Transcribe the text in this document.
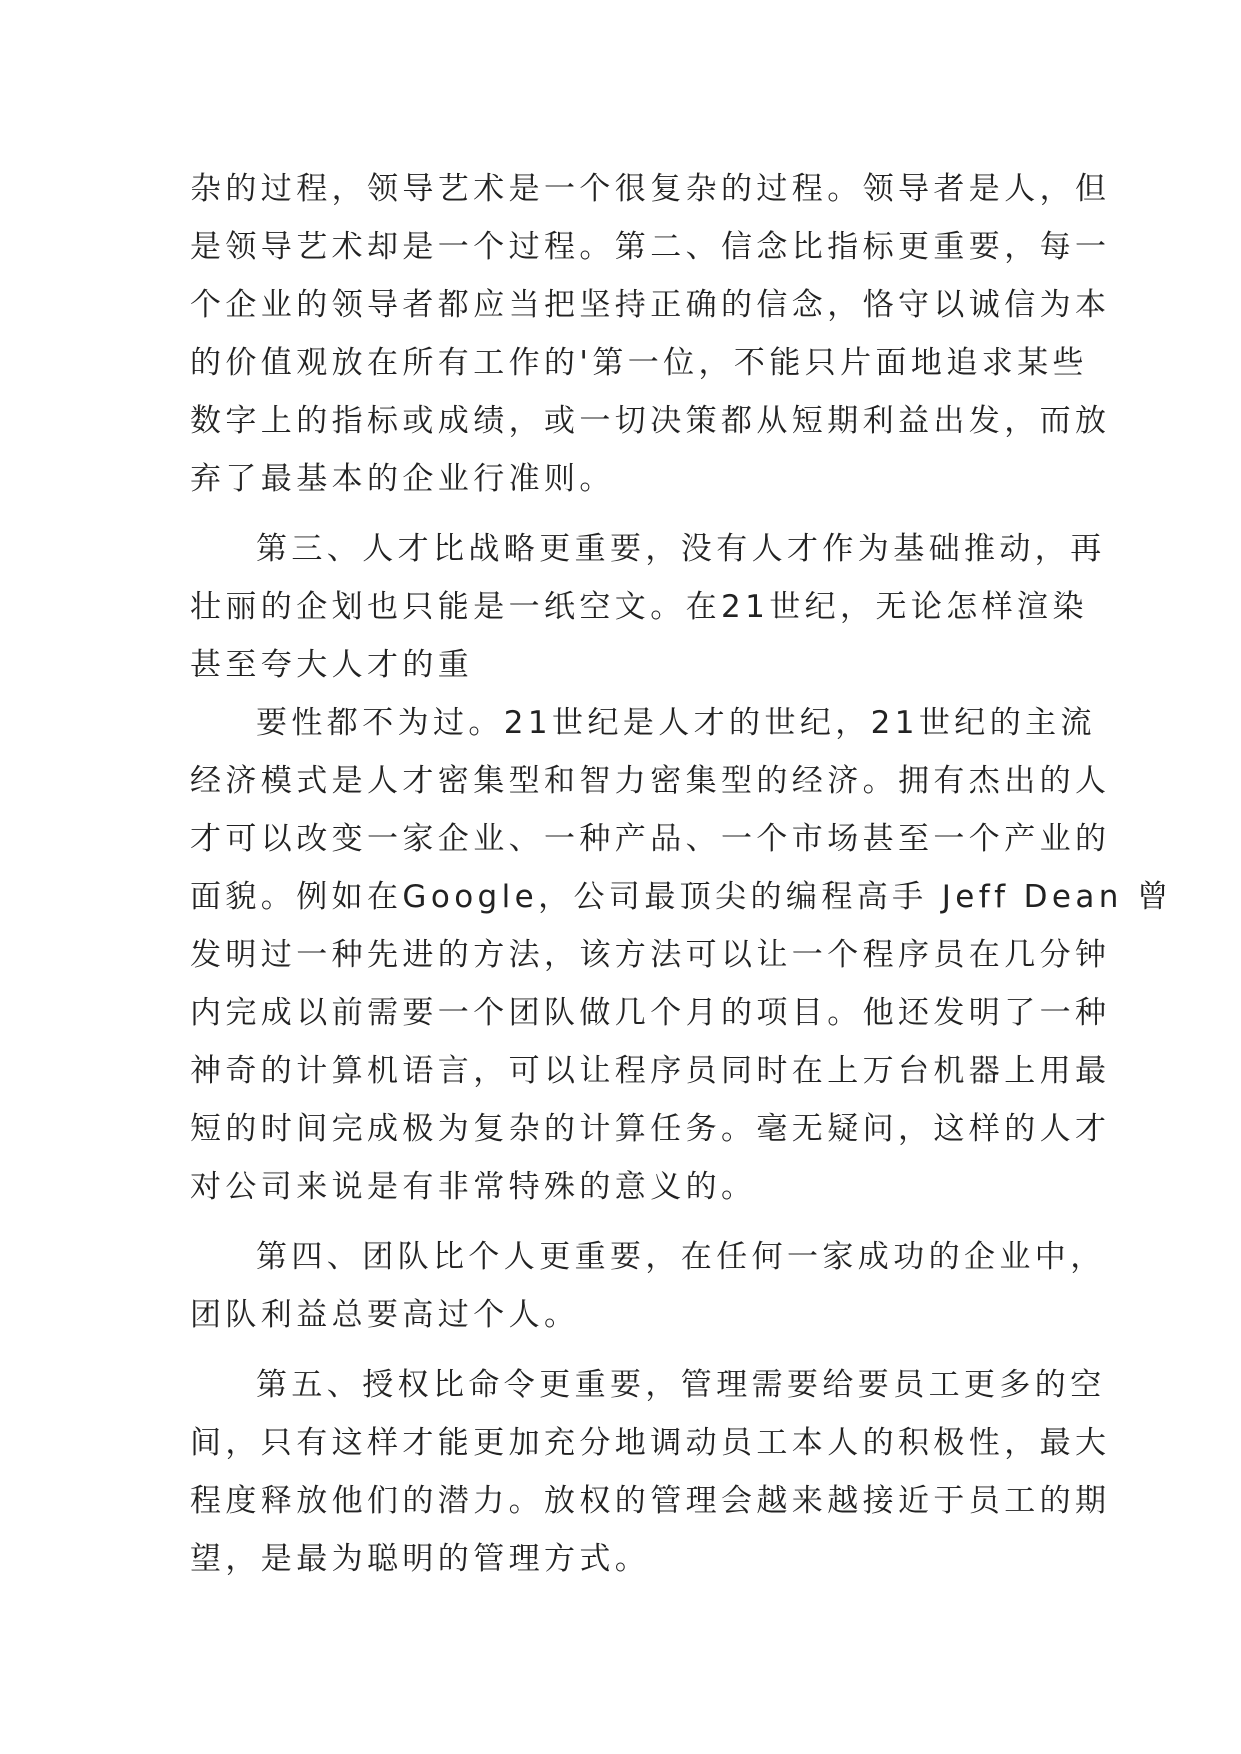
杂的过程，领导艺术是一个很复杂的过程。领导者是人，但
是领导艺术却是一个过程。第二、信念比指标更重要，每一
个企业的领导者都应当把坚持正确的信念，恪守以诚信为本
的价值观放在所有工作的'第一位，不能只片面地追求某些
数字上的指标或成绩，或一切决策都从短期利益出发，而放
弃了最基本的企业行准则。
第三、人才比战略更重要，没有人才作为基础推动，再
壮丽的企划也只能是一纸空文。在21世纪，无论怎样渲染
甚至夸大人才的重
要性都不为过。21世纪是人才的世纪，21世纪的主流
经济模式是人才密集型和智力密集型的经济。拥有杰出的人
才可以改变一家企业、一种产品、一个市场甚至一个产业的
面貌。例如在Google，公司最顶尖的编程高手 Jeff Dean 曾
发明过一种先进的方法，该方法可以让一个程序员在几分钟
内完成以前需要一个团队做几个月的项目。他还发明了一种
神奇的计算机语言，可以让程序员同时在上万台机器上用最
短的时间完成极为复杂的计算任务。毫无疑问，这样的人才
对公司来说是有非常特殊的意义的。
第四、团队比个人更重要，在任何一家成功的企业中，
团队利益总要高过个人。
第五、授权比命令更重要，管理需要给要员工更多的空
间，只有这样才能更加充分地调动员工本人的积极性，最大
程度释放他们的潜力。放权的管理会越来越接近于员工的期
望，是最为聪明的管理方式。
